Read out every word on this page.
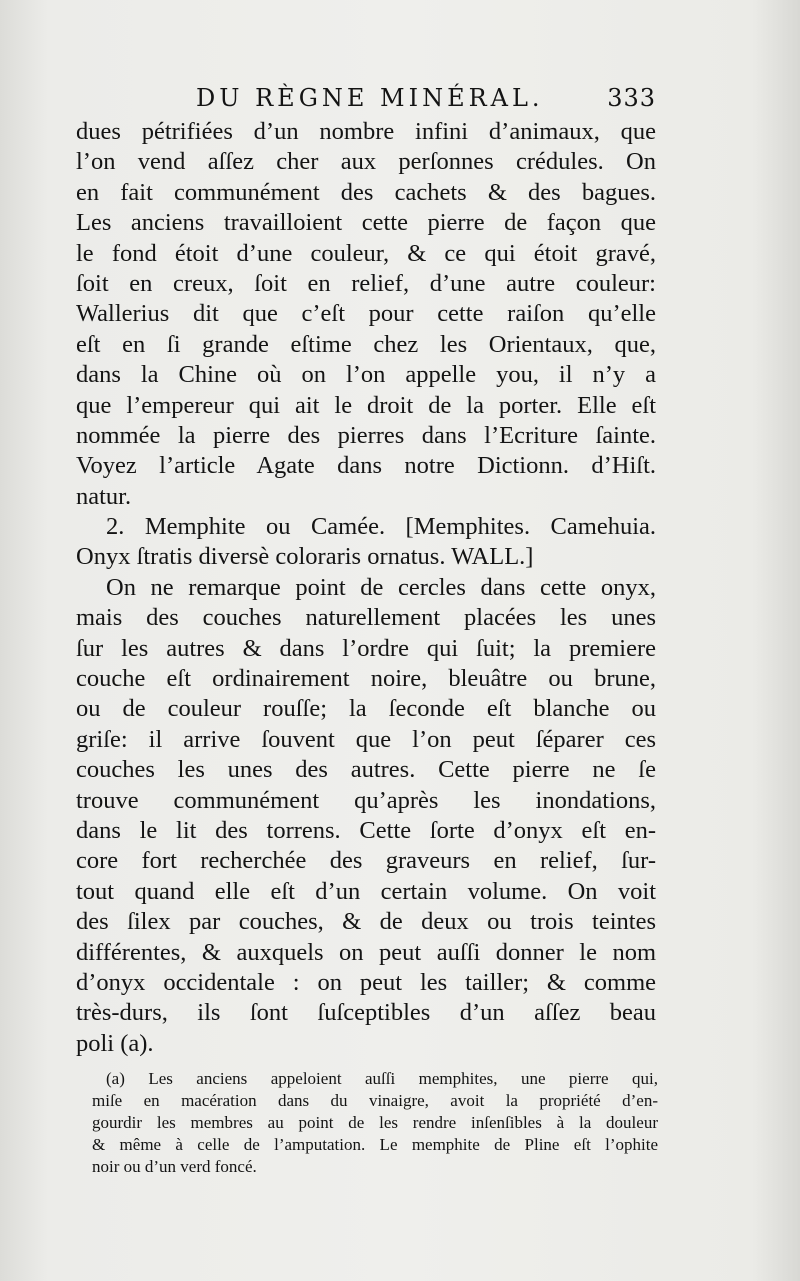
DU RÈGNE MINÉRAL.	333
dues pétrifiées d’un nombre infini d’animaux, que
l’on vend aſſez cher aux perſonnes crédules. On
en fait communément des cachets & des bagues.
Les anciens travailloient cette pierre de façon que
le fond étoit d’une couleur, & ce qui étoit gravé,
ſoit en creux, ſoit en relief, d’une autre couleur:
Wallerius dit que c’eſt pour cette raiſon qu’elle
eſt en ſi grande eſtime chez les Orientaux, que,
dans la Chine où on l’on appelle you, il n’y a
que l’empereur qui ait le droit de la porter. Elle eſt
nommée la pierre des pierres dans l’Ecriture ſainte.
Voyez l’article Agate dans notre Dictionn. d’Hiſt.
natur.
2. Memphite ou Camée. [Memphites. Camehuia.
Onyx ſtratis diversè coloraris ornatus. WALL.]
On ne remarque point de cercles dans cette onyx,
mais des couches naturellement placées les unes
ſur les autres & dans l’ordre qui ſuit; la premiere
couche eſt ordinairement noire, bleuâtre ou brune,
ou de couleur rouſſe; la ſeconde eſt blanche ou
griſe: il arrive ſouvent que l’on peut ſéparer ces
couches les unes des autres. Cette pierre ne ſe
trouve communément qu’après les inondations,
dans le lit des torrens. Cette ſorte d’onyx eſt en-
core fort recherchée des graveurs en relief, ſur-
tout quand elle eſt d’un certain volume. On voit
des ſilex par couches, & de deux ou trois teintes
différentes, & auxquels on peut auſſi donner le nom
d’onyx occidentale : on peut les tailler; & comme
très-durs, ils ſont ſuſceptibles d’un aſſez beau
poli (a).
(a) Les anciens appeloient auſſi memphites, une pierre qui,
miſe en macération dans du vinaigre, avoit la propriété d’en-
gourdir les membres au point de les rendre inſenſibles à la douleur
& même à celle de l’amputation. Le memphite de Pline eſt l’ophite
noir ou d’un verd foncé.
